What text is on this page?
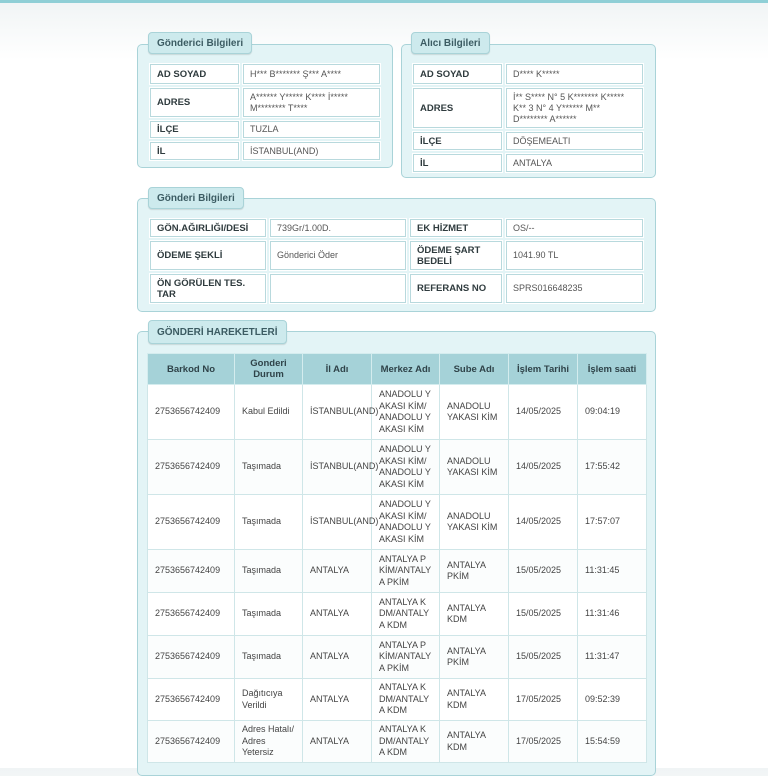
Gönderici Bilgileri
AD SOYAD	H*** B******* Ş*** A****
ADRES	A****** Y***** K**** İ***** M******** T****
İLÇE	TUZLA
İL	İSTANBUL(AND)
Alıcı Bilgileri
AD SOYAD	D**** K*****
ADRES	İ** S**** N° 5 K******* K***** K** 3 N° 4 Y****** M** D******** A******
İLÇE	DÖŞEMEALTI
İL	ANTALYA
Gönderi Bilgileri
GÖN.AĞIRLIĞI/DESİ	739Gr/1.00D.	EK HİZMET	OS/--
ÖDEME ŞEKLİ	Gönderici Öder	ÖDEME ŞART BEDELİ	1041.90 TL
ÖN GÖRÜLEN TES. TAR		REFERANS NO	SPRS016648235
GÖNDERİ HAREKETLERİ
Barkod No	Gonderi Durum	İl Adı	Merkez Adı	Sube Adı	İşlem Tarihi	İşlem saati
2753656742409	Kabul Edildi	İSTANBUL(AND)	ANADOLU YAKASI KİM/ANADOLU YAKASI KİM	ANADOLU YAKASI KİM	14/05/2025	09:04:19
2753656742409	Taşımada	İSTANBUL(AND)	ANADOLU YAKASI KİM/ANADOLU YAKASI KİM	ANADOLU YAKASI KİM	14/05/2025	17:55:42
2753656742409	Taşımada	İSTANBUL(AND)	ANADOLU YAKASI KİM/ANADOLU YAKASI KİM	ANADOLU YAKASI KİM	14/05/2025	17:57:07
2753656742409	Taşımada	ANTALYA	ANTALYA PKİM/ANTALYA PKİM	ANTALYA PKİM	15/05/2025	11:31:45
2753656742409	Taşımada	ANTALYA	ANTALYA KDM/ANTALYA KDM	ANTALYA KDM	15/05/2025	11:31:46
2753656742409	Taşımada	ANTALYA	ANTALYA PKİM/ANTALYA PKİM	ANTALYA PKİM	15/05/2025	11:31:47
2753656742409	Dağıtıcıya Verildi	ANTALYA	ANTALYA KDM/ANTALYA KDM	ANTALYA KDM	17/05/2025	09:52:39
2753656742409	Adres Hatalı/ Adres Yetersiz	ANTALYA	ANTALYA KDM/ANTALYA KDM	ANTALYA KDM	17/05/2025	15:54:59
